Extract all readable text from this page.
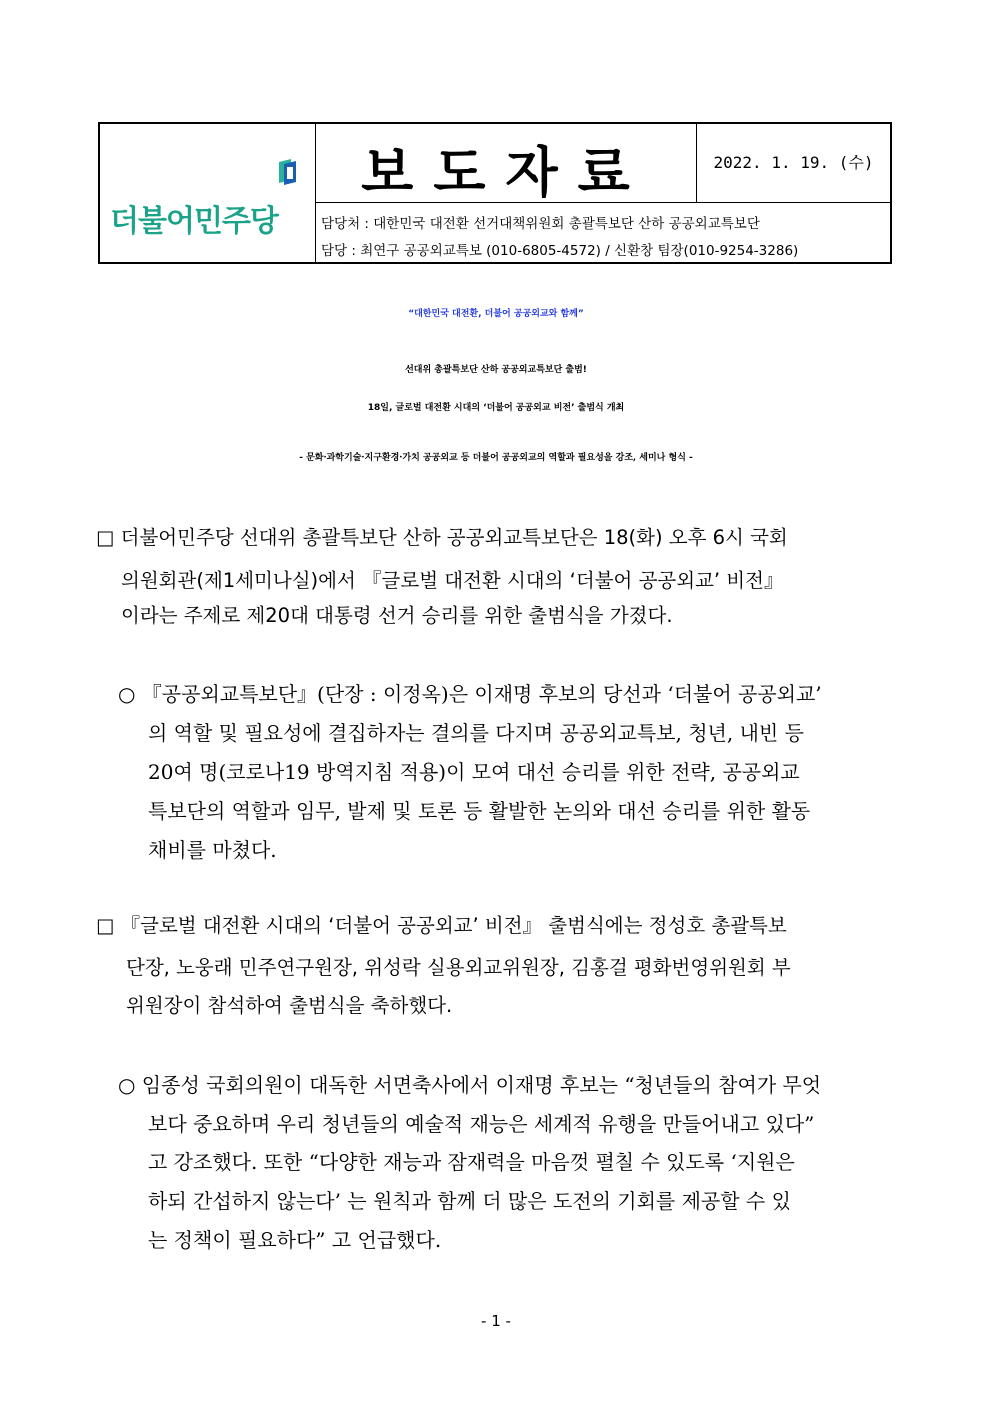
더불어민주당
보도자료	2022. 1. 19. (수)
담당처 : 대한민국 대전환 선거대책위원회 총괄특보단 산하 공공외교특보단
담당 : 최연구 공공외교특보 (010-6805-4572) / 신환창 팀장(010-9254-3286)
“대한민국 대전환, 더불어 공공외교와 함께”
선대위 총괄특보단 산하 공공외교특보단 출범!
18일, 글로벌 대전환 시대의 ‘더불어 공공외교 비전’ 출범식 개최
- 문화·과학기술·지구환경·가치 공공외교 등 더불어 공공외교의 역할과 필요성을 강조, 세미나 형식 -
□ 더불어민주당 선대위 총괄특보단 산하 공공외교특보단은 18(화) 오후 6시 국회
의원회관(제1세미나실)에서 『글로벌 대전환 시대의 ‘더불어 공공외교’ 비전』
이라는 주제로 제20대 대통령 선거 승리를 위한 출범식을 가졌다.
○ 『공공외교특보단』(단장 : 이정옥)은 이재명 후보의 당선과 ‘더불어 공공외교’
의 역할 및 필요성에 결집하자는 결의를 다지며 공공외교특보, 청년, 내빈 등
20여 명(코로나19 방역지침 적용)이 모여 대선 승리를 위한 전략, 공공외교
특보단의 역할과 임무, 발제 및 토론 등 활발한 논의와 대선 승리를 위한 활동
채비를 마쳤다.
□ 『글로벌 대전환 시대의 ‘더불어 공공외교’ 비전』 출범식에는 정성호 총괄특보
단장, 노웅래 민주연구원장, 위성락 실용외교위원장, 김홍걸 평화번영위원회 부
위원장이 참석하여 출범식을 축하했다.
○ 임종성 국회의원이 대독한 서면축사에서 이재명 후보는 “청년들의 참여가 무엇
보다 중요하며 우리 청년들의 예술적 재능은 세계적 유행을 만들어내고 있다”
고 강조했다. 또한 “다양한 재능과 잠재력을 마음껏 펼칠 수 있도록 ‘지원은
하되 간섭하지 않는다’ 는 원칙과 함께 더 많은 도전의 기회를 제공할 수 있
는 정책이 필요하다” 고 언급했다.
- 1 -
